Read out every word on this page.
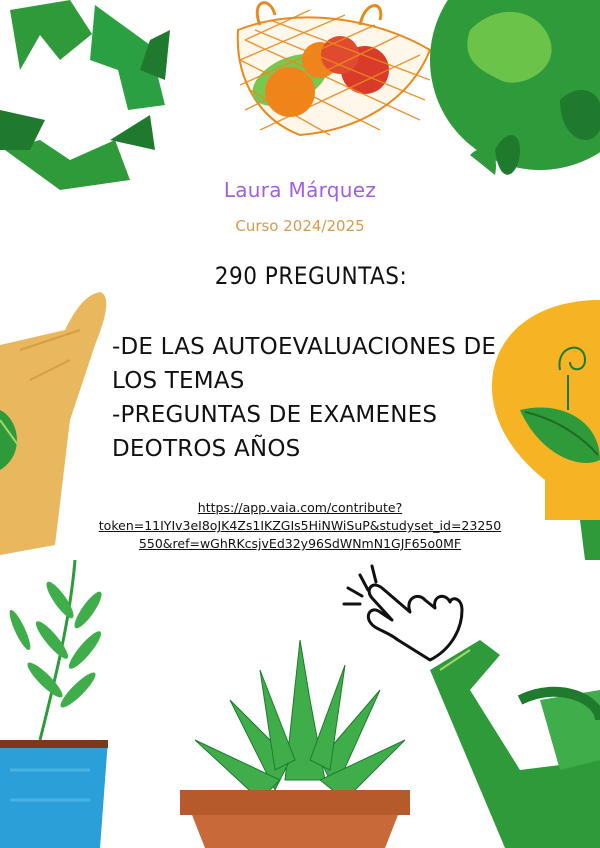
Laura Márquez
Curso 2024/2025
290 PREGUNTAS:
-DE LAS AUTOEVALUACIONES DE LOS TEMAS
-PREGUNTAS DE EXAMENES DEOTROS AÑOS
https://app.vaia.com/contribute?
token=11IYIv3eI8oJK4Zs1IKZGIs5HiNWiSuP&studyset_id=23250
550&ref=wGhRKcsjvEd32y96SdWNmN1GJF65o0MF
